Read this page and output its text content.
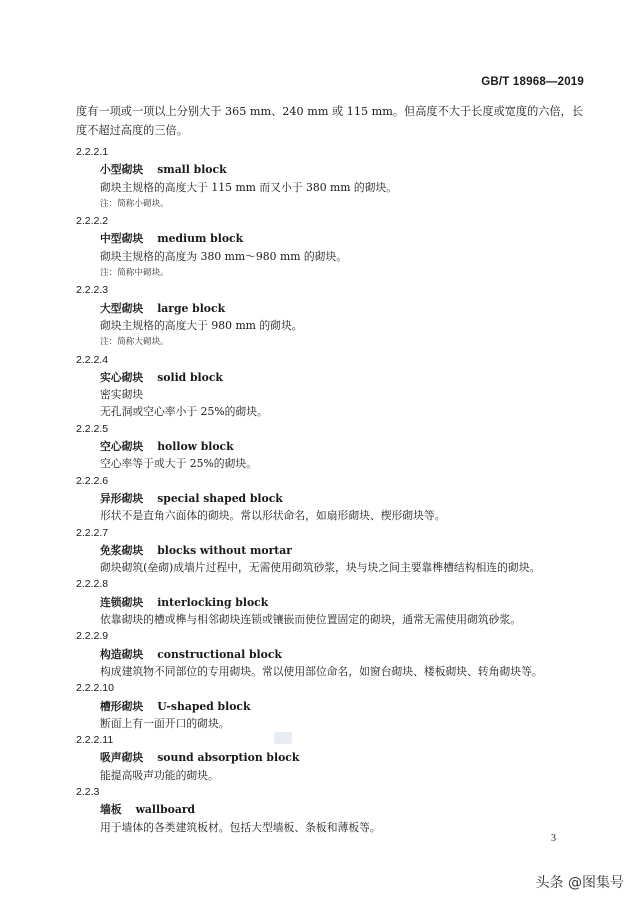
GB/T 18968—2019

度有一项或一项以上分别大于 365 mm、240 mm 或 115 mm。但高度不大于长度或宽度的六倍，长度不超过高度的三倍。

2.2.2.1
小型砌块 small block
砌块主规格的高度大于 115 mm 而又小于 380 mm 的砌块。
注：简称小砌块。
2.2.2.2
中型砌块 medium block
砌块主规格的高度为 380 mm～980 mm 的砌块。
注：简称中砌块。
2.2.2.3
大型砌块 large block
砌块主规格的高度大于 980 mm 的砌块。
注：简称大砌块。
2.2.2.4
实心砌块 solid block
密实砌块
无孔洞或空心率小于 25%的砌块。
2.2.2.5
空心砌块 hollow block
空心率等于或大于 25%的砌块。
2.2.2.6
异形砌块 special shaped block
形状不是直角六面体的砌块。常以形状命名，如扇形砌块、楔形砌块等。
2.2.2.7
免浆砌块 blocks without mortar
砌块砌筑(垒砌)成墙片过程中，无需使用砌筑砂浆，块与块之间主要靠榫槽结构相连的砌块。
2.2.2.8
连锁砌块 interlocking block
依靠砌块的槽或榫与相邻砌块连锁或镶嵌而使位置固定的砌块，通常无需使用砌筑砂浆。
2.2.2.9
构造砌块 constructional block
构成建筑物不同部位的专用砌块。常以使用部位命名，如窗台砌块、楼板砌块、转角砌块等。
2.2.2.10
槽形砌块 U-shaped block
断面上有一面开口的砌块。
2.2.2.11
吸声砌块 sound absorption block
能提高吸声功能的砌块。
2.2.3
墙板 wallboard
用于墙体的各类建筑板材。包括大型墙板、条板和薄板等。
3
头条 @图集号
